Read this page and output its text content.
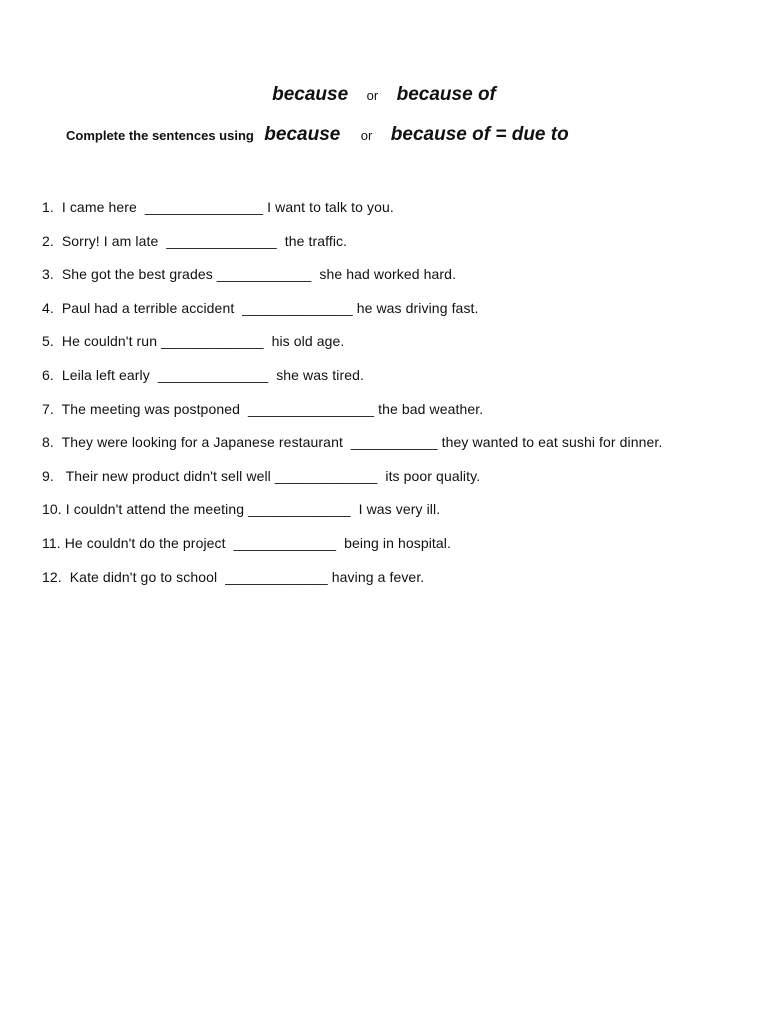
because or because of
Complete the sentences using because or because of = due to
1.  I came here  _______________ I want to talk to you.
2.  Sorry! I am late  ______________  the traffic.
3.  She got the best grades ____________  she had worked hard.
4.  Paul had a terrible accident  ______________ he was driving fast.
5.  He couldn't run _____________  his old age.
6.  Leila left early  ______________  she was tired.
7.  The meeting was postponed  ________________ the bad weather.
8.  They were looking for a Japanese restaurant  ___________ they wanted to eat sushi for dinner.
9.   Their new product didn't sell well _____________  its poor quality.
10. I couldn't attend the meeting _____________  I was very ill.
11. He couldn't do the project  _____________  being in hospital.
12.  Kate didn't go to school  _____________ having a fever.
